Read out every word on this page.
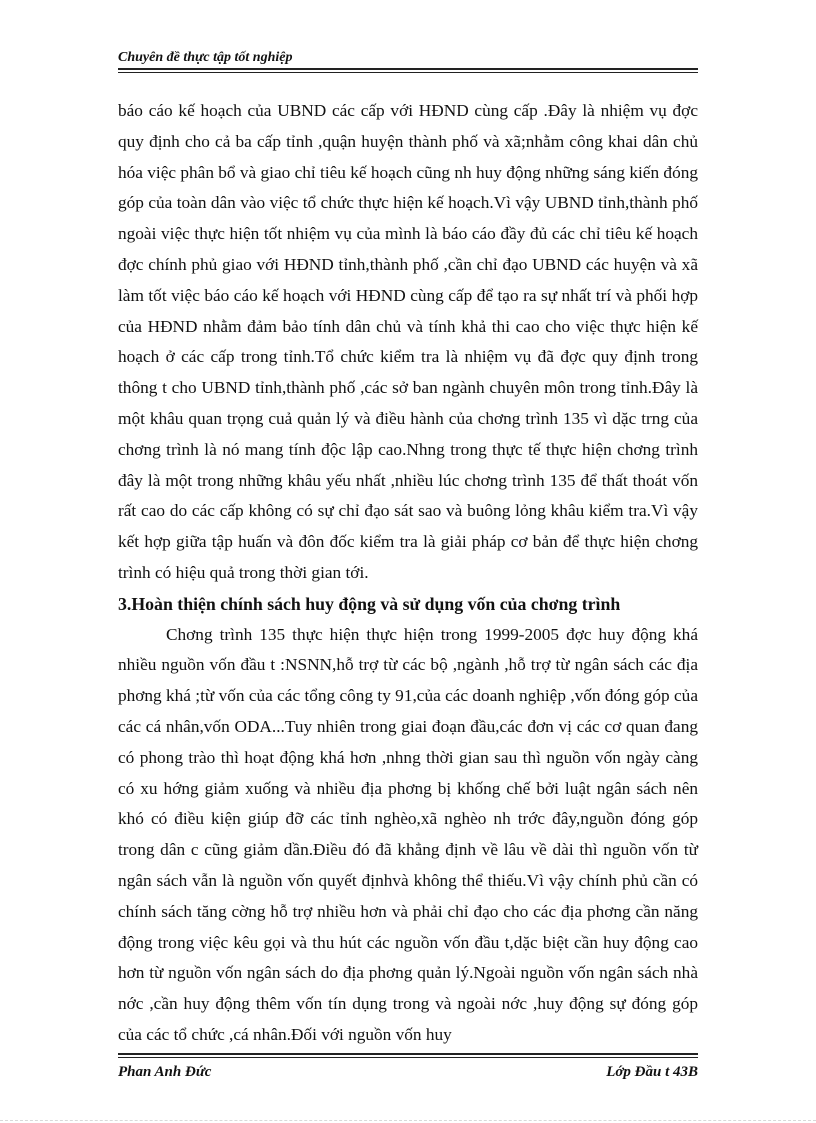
Chuyên đề thực tập tốt nghiệp

báo cáo kế hoạch của UBND các cấp với HĐND cùng cấp .Đây là nhiệm vụ đợc quy định cho cả ba cấp tỉnh ,quận huyện thành phố và xã;nhằm công khai dân chủ hóa việc phân bổ và giao chỉ tiêu kế hoạch cũng nh huy động những sáng kiến đóng góp của toàn dân vào việc tổ chức thực hiện kế hoạch.Vì vậy UBND tỉnh,thành phố ngoài việc thực hiện tốt nhiệm vụ của mình là báo cáo đầy đủ các chỉ tiêu kế hoạch đợc chính phủ giao với HĐND tỉnh,thành phố ,cần chỉ đạo UBND các huyện và xã làm tốt việc báo cáo kế hoạch với HĐND cùng cấp để tạo ra sự nhất trí và phối hợp của HĐND nhằm đảm bảo tính dân chủ và tính khả thi cao cho việc thực hiện kế hoạch ở các cấp trong tỉnh.Tổ chức kiểm tra là nhiệm vụ đã đợc quy định trong thông t cho UBND tỉnh,thành phố ,các sở ban ngành chuyên môn trong tỉnh.Đây là một khâu quan trọng cuả quản lý và điều hành của chơng trình 135 vì dặc trng của chơng trình là nó mang tính độc lập cao.Nhng trong thực tế thực hiện chơng trình đây là một trong những khâu yếu nhất ,nhiều lúc chơng trình 135 để thất thoát vốn rất cao do các cấp không có sự chỉ đạo sát sao và buông lỏng khâu kiểm tra.Vì vậy kết hợp giữa tập huấn và đôn đốc kiểm tra là giải pháp cơ bản để thực hiện chơng trình có hiệu quả trong thời gian tới.

3.Hoàn thiện chính sách huy động và sử dụng vốn của chơng trình

Chơng trình 135 thực hiện thực hiện trong 1999-2005 đợc huy động khá nhiều nguồn vốn đầu t :NSNN,hỗ trợ từ các bộ ,ngành ,hỗ trợ từ ngân sách các địa phơng khá ;từ vốn của các tổng công ty 91,của các doanh nghiệp ,vốn đóng góp của các cá nhân,vốn ODA...Tuy nhiên trong giai đoạn đầu,các đơn vị các cơ quan đang có phong trào thì hoạt động khá hơn ,nhng thời gian sau thì nguồn vốn ngày càng có xu hớng giảm xuống và nhiều địa phơng bị khống chế bởi luật ngân sách nên khó có điều kiện giúp đỡ các tỉnh nghèo,xã nghèo nh trớc đây,nguồn đóng góp trong dân c cũng giảm dần.Điều đó đã khẳng định về lâu về dài thì nguồn vốn từ ngân sách vẫn là nguồn vốn quyết địnhvà không thể thiếu.Vì vậy chính phủ cần có chính sách tăng cờng hỗ trợ nhiều hơn và phải chỉ đạo cho các địa phơng cần năng động trong việc kêu gọi và thu hút các nguồn vốn đầu t,dặc biệt cần huy động cao hơn từ nguồn vốn ngân sách do địa phơng quản lý.Ngoài nguồn vốn ngân sách nhà nớc ,cần huy động thêm vốn tín dụng trong và ngoài nớc ,huy động sự đóng góp của các tổ chức ,cá nhân.Đối với nguồn vốn huy

Phan Anh Đức	Lớp Đầu t 43B
